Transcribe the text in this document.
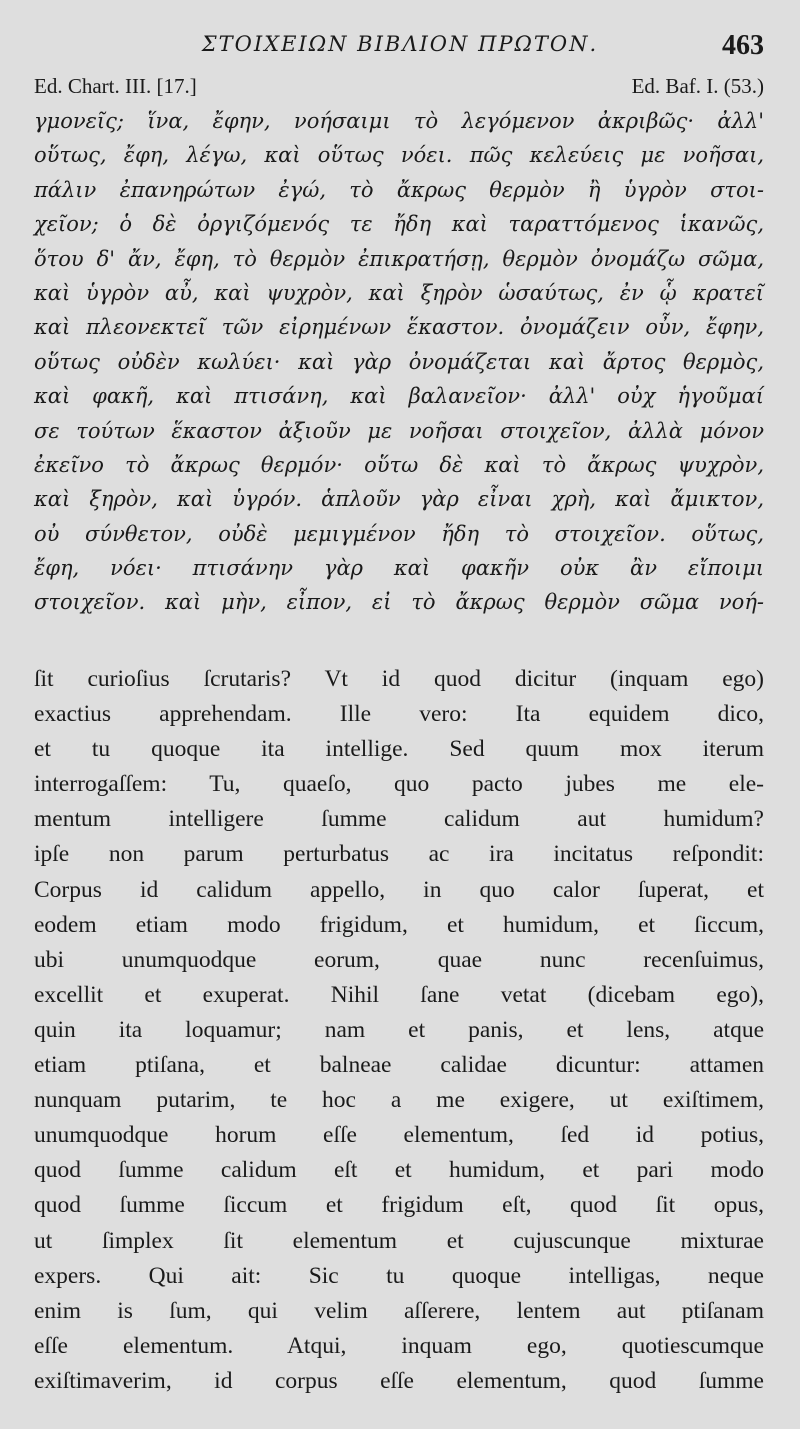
ΣΤΟΙΧΕΙΩΝ ΒΙΒΛΙΟΝ ΠΡΩΤΟΝ.	463
Ed. Chart. III. [17.]	Ed. Baf. I. (53.)
γμονεῖς; ἵνα, ἔφην, νοήσαιμι τὸ λεγόμενον ἀκριβῶς· ἀλλ'
οὕτως, ἔφη, λέγω, καὶ οὕτως νόει. πῶς κελεύεις με νοῆσαι,
πάλιν ἐπανηρώτων ἐγώ, τὸ ἄκρως θερμὸν ἢ ὑγρὸν στοι-
χεῖον; ὁ δὲ ὀργιζόμενός τε ἤδη καὶ ταραττόμενος ἱκανῶς,
ὅτου δ' ἄν, ἔφη, τὸ θερμὸν ἐπικρατήσῃ, θερμὸν ὀνομάζω σῶμα,
καὶ ὑγρὸν αὖ, καὶ ψυχρὸν, καὶ ξηρὸν ὡσαύτως, ἐν ᾧ κρατεῖ
καὶ πλεονεκτεῖ τῶν εἰρημένων ἕκαστον. ὀνομάζειν οὖν, ἔφην,
οὕτως οὐδὲν κωλύει· καὶ γὰρ ὀνομάζεται καὶ ἄρτος θερμὸς,
καὶ φακῆ, καὶ πτισάνη, καὶ βαλανεῖον· ἀλλ' οὐχ ἡγοῦμαί
σε τούτων ἕκαστον ἀξιοῦν με νοῆσαι στοιχεῖον, ἀλλὰ μόνον
ἐκεῖνο τὸ ἄκρως θερμόν· οὕτω δὲ καὶ τὸ ἄκρως ψυχρὸν,
καὶ ξηρὸν, καὶ ὑγρόν. ἁπλοῦν γὰρ εἶναι χρὴ, καὶ ἄμικτον,
οὐ σύνθετον, οὐδὲ μεμιγμένον ἤδη τὸ στοιχεῖον. οὕτως,
ἔφη, νόει· πτισάνην γὰρ καὶ φακῆν οὐκ ἂν εἴποιμι
στοιχεῖον. καὶ μὴν, εἶπον, εἰ τὸ ἄκρως θερμὸν σῶμα νοή-
ſit curioſius ſcrutaris? Vt id quod dicitur (inquam ego)
exactius apprehendam. Ille vero: Ita equidem dico,
et tu quoque ita intellige. Sed quum mox iterum
interrogaſſem: Tu, quaeſo, quo pacto jubes me ele-
mentum intelligere ſumme calidum aut humidum?
ipſe non parum perturbatus ac ira incitatus reſpondit:
Corpus id calidum appello, in quo calor ſuperat, et
eodem etiam modo frigidum, et humidum, et ſiccum,
ubi unumquodque eorum, quae nunc recenſuimus,
excellit et exuperat. Nihil ſane vetat (dicebam ego),
quin ita loquamur; nam et panis, et lens, atque
etiam ptiſana, et balneae calidae dicuntur: attamen
nunquam putarim, te hoc a me exigere, ut exiſtimem,
unumquodque horum eſſe elementum, ſed id potius,
quod ſumme calidum eſt et humidum, et pari modo
quod ſumme ſiccum et frigidum eſt, quod ſit opus,
ut ſimplex ſit elementum et cujuscunque mixturae
expers. Qui ait: Sic tu quoque intelligas, neque
enim is ſum, qui velim aſſerere, lentem aut ptiſanam
eſſe elementum. Atqui, inquam ego, quotiescumque
exiſtimaverim, id corpus eſſe elementum, quod ſumme
